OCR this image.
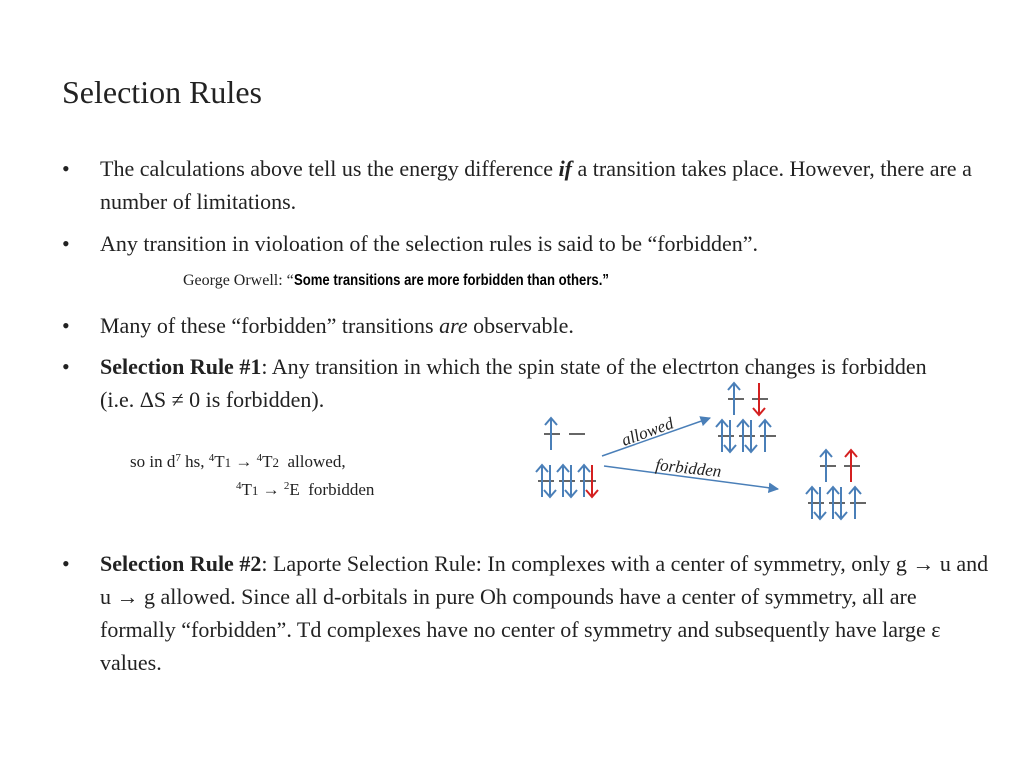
Selection Rules
• The calculations above tell us the energy difference if a transition takes place. However, there are a number of limitations.
• Any transition in violoation of the selection rules is said to be “forbidden”.
George Orwell: “Some transitions are more forbidden than others.”
• Many of these “forbidden” transitions are observable.
• Selection Rule #1: Any transition in which the spin state of the electrton changes is forbidden (i.e. ΔS ≠ 0 is forbidden).
so in $d^7$ hs, $^4$T1 → $^4$T2  allowed,
$^4$T1 → $^2$E  forbidden
allowed
forbidden
• Selection Rule #2: Laporte Selection Rule: In complexes with a center of symmetry, only g → u and u → g allowed. Since all d-orbitals in pure Oh compounds have a center of symmetry, all are formally “forbidden”. Td complexes have no center of symmetry and subsequently have large ε values.
